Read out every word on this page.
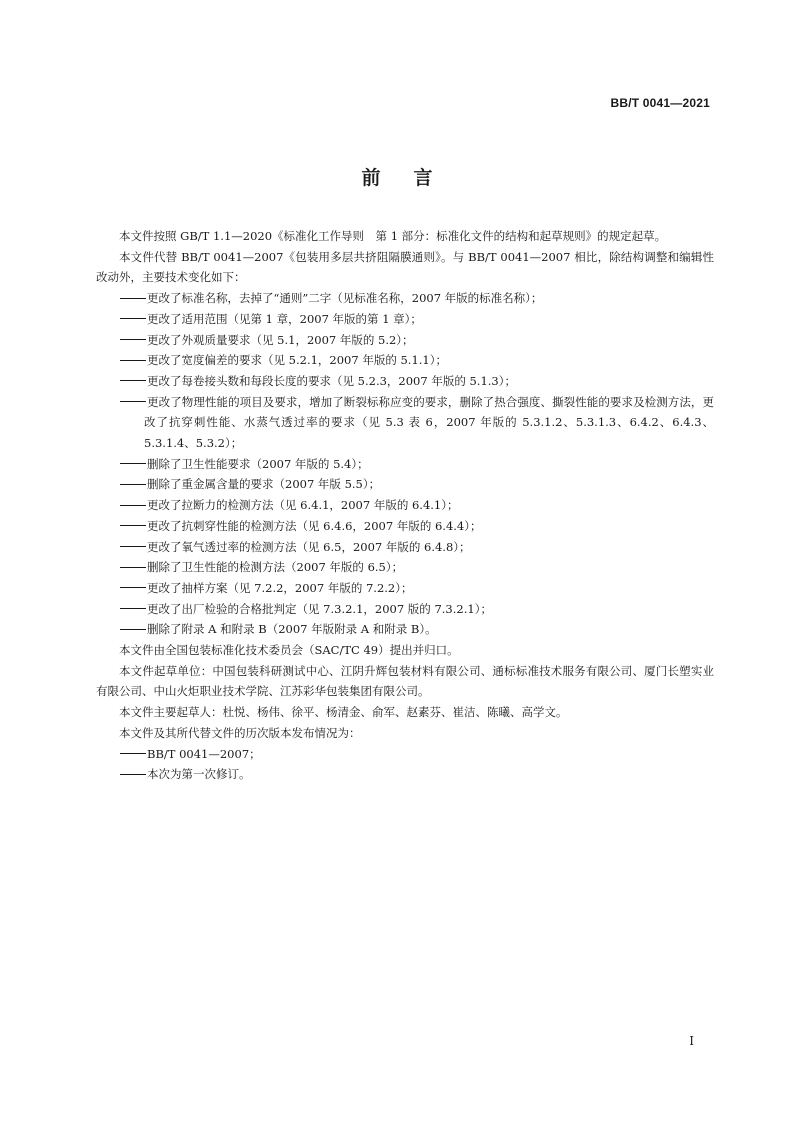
BB/T 0041—2021
前言

本文件按照 GB/T 1.1—2020《标准化工作导则　第 1 部分：标准化文件的结构和起草规则》的规定起草。

本文件代替 BB/T 0041—2007《包装用多层共挤阻隔膜通则》。与 BB/T 0041—2007 相比，除结构调整和编辑性改动外，主要技术变化如下：

更改了标准名称，去掉了“通则”二字（见标准名称，2007 年版的标准名称）；

更改了适用范围（见第 1 章，2007 年版的第 1 章）；

更改了外观质量要求（见 5.1，2007 年版的 5.2）；

更改了宽度偏差的要求（见 5.2.1，2007 年版的 5.1.1）；

更改了每卷接头数和每段长度的要求（见 5.2.3，2007 年版的 5.1.3）；

更改了物理性能的项目及要求，增加了断裂标称应变的要求，删除了热合强度、撕裂性能的要求及检测方法，更改了抗穿刺性能、水蒸气透过率的要求（见 5.3 表 6，2007 年版的 5.3.1.2、5.3.1.3、6.4.2、6.4.3、5.3.1.4、5.3.2）；

删除了卫生性能要求（2007 年版的 5.4）；

删除了重金属含量的要求（2007 年版 5.5）；

更改了拉断力的检测方法（见 6.4.1，2007 年版的 6.4.1）；

更改了抗刺穿性能的检测方法（见 6.4.6，2007 年版的 6.4.4）；

更改了氧气透过率的检测方法（见 6.5，2007 年版的 6.4.8）；

删除了卫生性能的检测方法（2007 年版的 6.5）；

更改了抽样方案（见 7.2.2，2007 年版的 7.2.2）；

更改了出厂检验的合格批判定（见 7.3.2.1，2007 版的 7.3.2.1）；

删除了附录 A 和附录 B（2007 年版附录 A 和附录 B）。

本文件由全国包装标准化技术委员会（SAC/TC 49）提出并归口。

本文件起草单位：中国包装科研测试中心、江阴升辉包装材料有限公司、通标标准技术服务有限公司、厦门长塑实业有限公司、中山火炬职业技术学院、江苏彩华包装集团有限公司。

本文件主要起草人：杜悦、杨伟、徐平、杨清金、俞军、赵素芬、崔洁、陈曦、高学文。

本文件及其所代替文件的历次版本发布情况为：

BB/T 0041—2007；

本次为第一次修订。

I
